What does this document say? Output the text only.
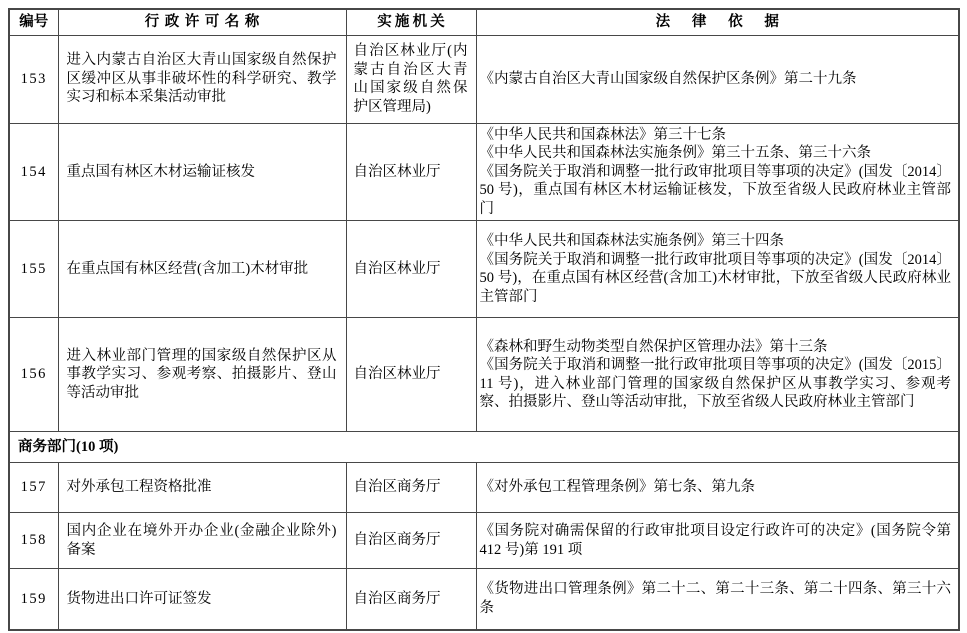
编号	行政许可名称	实施机关	法律依据
153	进入内蒙古自治区大青山国家级自然保护区缓冲区从事非破坏性的科学研究、教学实习和标本采集活动审批	自治区林业厅(内蒙古自治区大青山国家级自然保护区管理局)	《内蒙古自治区大青山国家级自然保护区条例》第二十九条

154	重点国有林区木材运输证核发	自治区林业厅	《中华人民共和国森林法》第三十七条
《中华人民共和国森林法实施条例》第三十五条、第三十六条
《国务院关于取消和调整一批行政审批项目等事项的决定》(国发〔2014〕50 号)，重点国有林区木材运输证核发，下放至省级人民政府林业主管部门

155	在重点国有林区经营(含加工)木材审批	自治区林业厅	《中华人民共和国森林法实施条例》第三十四条
《国务院关于取消和调整一批行政审批项目等事项的决定》(国发〔2014〕50 号)，在重点国有林区经营(含加工)木材审批，下放至省级人民政府林业主管部门

156	进入林业部门管理的国家级自然保护区从事教学实习、参观考察、拍摄影片、登山等活动审批	自治区林业厅	《森林和野生动物类型自然保护区管理办法》第十三条
《国务院关于取消和调整一批行政审批项目等事项的决定》(国发〔2015〕11 号)，进入林业部门管理的国家级自然保护区从事教学实习、参观考察、拍摄影片、登山等活动审批，下放至省级人民政府林业主管部门

商务部门(10 项)			
157	对外承包工程资格批准	自治区商务厅	《对外承包工程管理条例》第七条、第九条

158	国内企业在境外开办企业(金融企业除外)备案	自治区商务厅	《国务院对确需保留的行政审批项目设定行政许可的决定》(国务院令第 412 号)第 191 项

159	货物进出口许可证签发	自治区商务厅	《货物进出口管理条例》第二十二、第二十三条、第二十四条、第三十六条
